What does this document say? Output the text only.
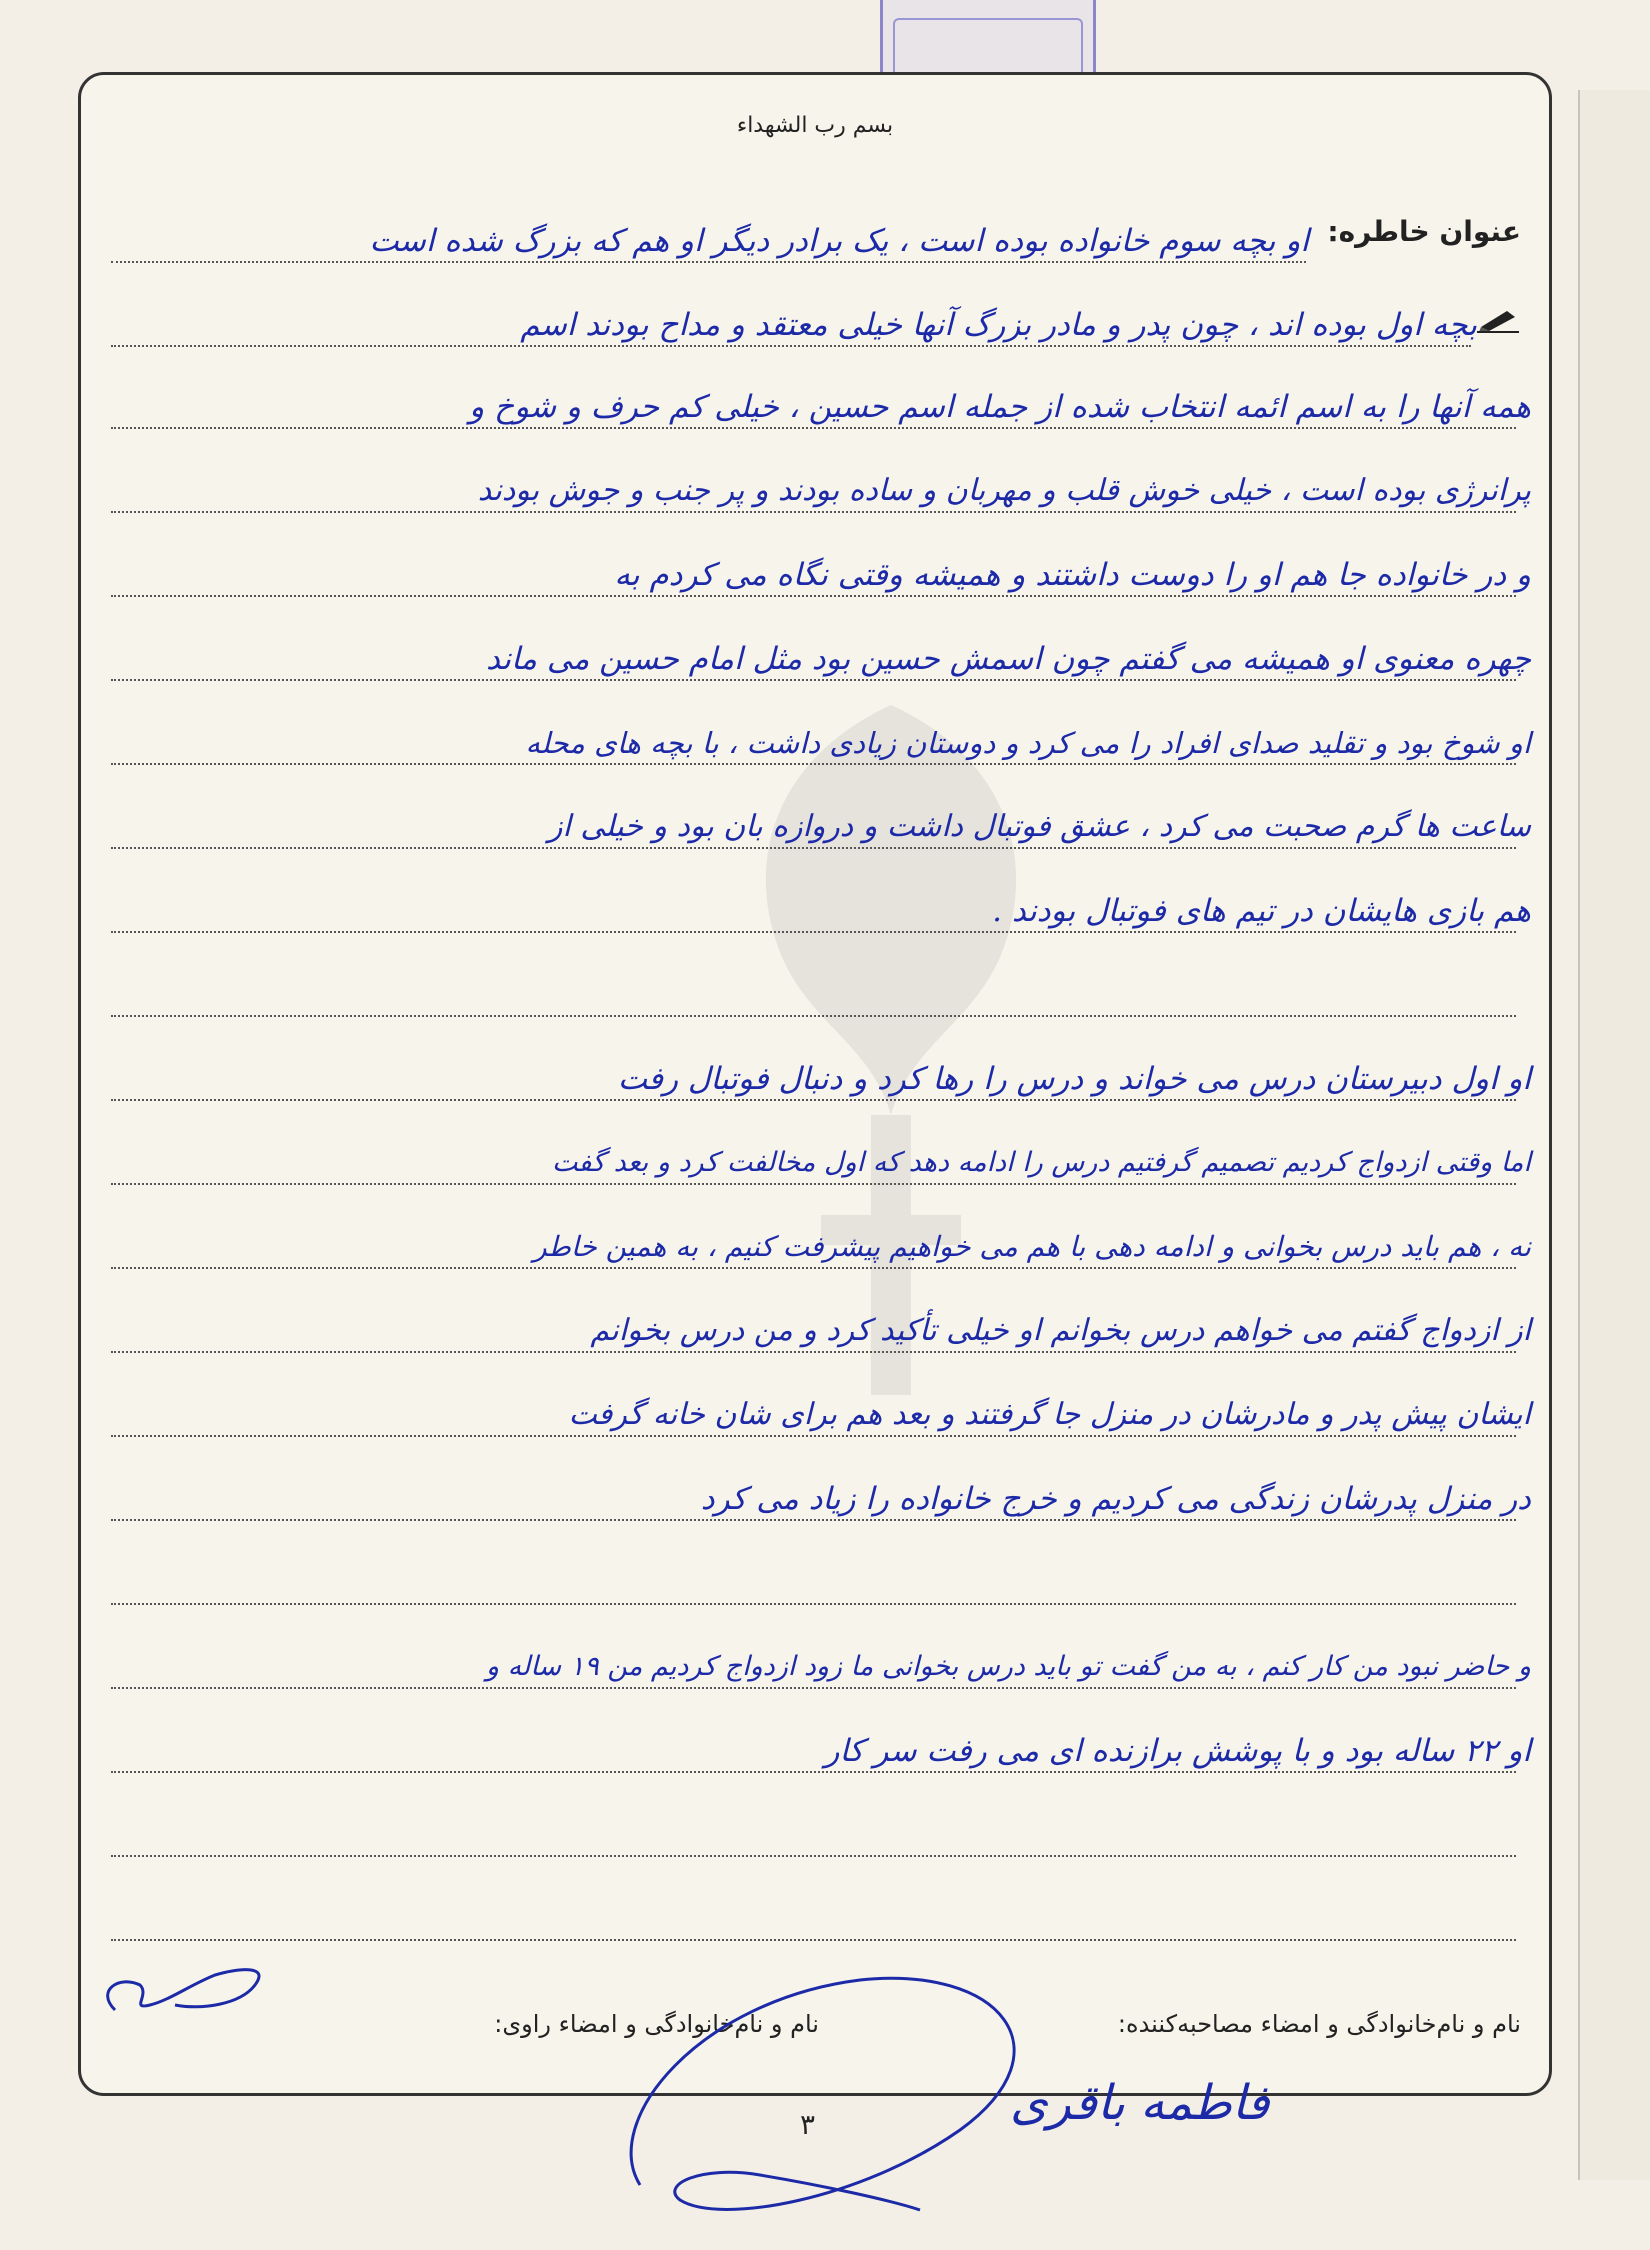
بسم رب الشهداء
عنوان خاطره:
او بچه سوم خانواده بوده است ، یک برادر دیگر او هم که بزرگ شده است
بچه اول بوده اند ، چون پدر و مادر بزرگ آنها خیلی معتقد و مداح بودند اسم
همه آنها را به اسم ائمه انتخاب شده از جمله اسم حسین ، خیلی کم حرف و شوخ و
پرانرژی بوده است ، خیلی خوش قلب و مهربان و ساده بودند و پر جنب و جوش بودند
و در خانواده جا هم او را دوست داشتند و همیشه وقتی نگاه می کردم به
چهره معنوی او همیشه می گفتم چون اسمش حسین بود مثل امام حسین می ماند
او شوخ بود و تقلید صدای افراد را می کرد و دوستان زیادی داشت ، با بچه های محله
ساعت ها گرم صحبت می کرد ، عشق فوتبال داشت و دروازه بان بود و خیلی از
هم بازی هایشان در تیم های فوتبال بودند .
او اول دبیرستان درس می خواند و درس را رها کرد و دنبال فوتبال رفت
اما وقتی ازدواج کردیم تصمیم گرفتیم درس را ادامه دهد که اول مخالفت کرد و بعد گفت
نه ، هم باید درس بخوانی و ادامه دهی با هم می خواهیم پیشرفت کنیم ، به همین خاطر
از ازدواج گفتم می خواهم درس بخوانم او خیلی تأکید کرد و من درس بخوانم
ایشان پیش پدر و مادرشان در منزل جا گرفتند و بعد هم برای شان خانه گرفت
در منزل پدرشان زندگی می کردیم و خرج خانواده را زیاد می کرد
و حاضر نبود من کار کنم ، به من گفت تو باید درس بخوانی ما زود ازدواج کردیم من ۱۹ ساله و
او ۲۲ ساله بود و با پوشش برازنده ای می رفت سر کار
نام و نام‌خانوادگی و امضاء مصاحبه‌کننده:
نام و نام‌خانوادگی و امضاء راوی:
فاطمه باقری
۳
